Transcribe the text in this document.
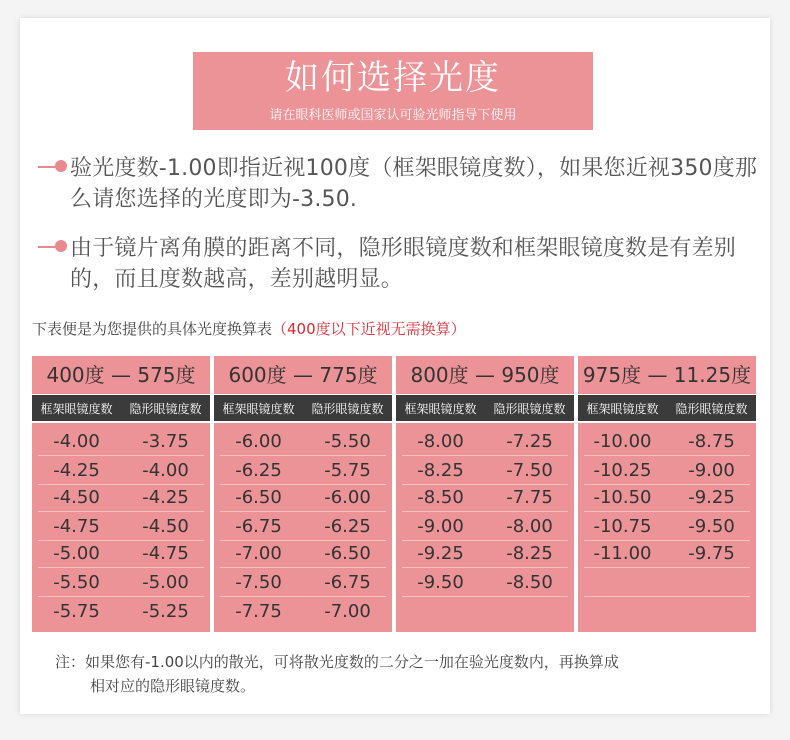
如何选择光度
请在眼科医师或国家认可验光师指导下使用
验光度数-1.00即指近视100度（框架眼镜度数），如果您近视350度那么请您选择的光度即为-3.50.
由于镜片离角膜的距离不同，隐形眼镜度数和框架眼镜度数是有差别的，而且度数越高，差别越明显。
下表便是为您提供的具体光度换算表（400度以下近视无需换算）
400度 — 575度
框架眼镜度数	隐形眼镜度数
-4.00	-3.75
-4.25	-4.00
-4.50	-4.25
-4.75	-4.50
-5.00	-4.75
-5.50	-5.00
-5.75	-5.25
600度 — 775度
框架眼镜度数	隐形眼镜度数
-6.00	-5.50
-6.25	-5.75
-6.50	-6.00
-6.75	-6.25
-7.00	-6.50
-7.50	-6.75
-7.75	-7.00
800度 — 950度
框架眼镜度数	隐形眼镜度数
-8.00	-7.25
-8.25	-7.50
-8.50	-7.75
-9.00	-8.00
-9.25	-8.25
-9.50	-8.50
975度 — 11.25度
框架眼镜度数	隐形眼镜度数
-10.00	-8.75
-10.25	-9.00
-10.50	-9.25
-10.75	-9.50
-11.00	-9.75
注：如果您有-1.00以内的散光，可将散光度数的二分之一加在验光度数内，再换算成
相对应的隐形眼镜度数。
